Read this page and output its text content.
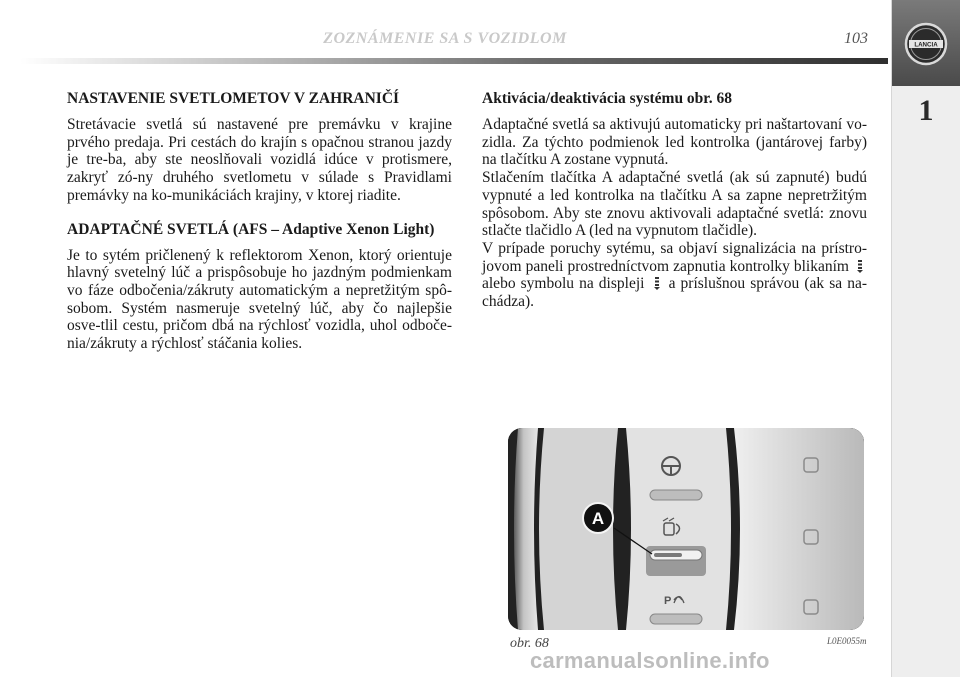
ZOZNÁMENIE SA S VOZIDLOM	103	LANCIA
1
NASTAVENIE SVETLOMETOV V ZAHRANIČÍ

Stretávacie svetlá sú nastavené pre premávku v krajine prvého predaja. Pri cestách do krajín s opačnou stranou jazdy je tre-ba, aby ste neoslňovali vozidlá idúce v protismere, zakryť zó-ny druhého svetlometu v súlade s Pravidlami premávky na ko-munikáciách krajiny, v ktorej riadite.

ADAPTAČNÉ SVETLÁ (AFS – Adaptive Xenon Light)

Je to sytém pričlenený k reflektorom Xenon, ktorý orientuje hlavný svetelný lúč a prispôsobuje ho jazdným podmienkam vo fáze odbočenia/zákruty automatickým a nepretžitým spô-sobom. Systém nasmeruje svetelný lúč, aby čo najlepšie osve-tlil cestu, pričom dbá na rýchlosť vozidla, uhol odboče-nia/zákruty a rýchlosť stáčania kolies.

Aktivácia/deaktivácia systému obr. 68

Adaptačné svetlá sa aktivujú automaticky pri naštartovaní vo-zidla. Za týchto podmienok led kontrolka (jantárovej farby) na tlačítku A zostane vypnutá.

Stlačením tlačítka A adaptačné svetlá (ak sú zapnuté) budú vypnuté a led kontrolka na tlačítku A sa zapne nepretržitým spôsobom. Aby ste znovu aktivovali adaptačné svetlá: znovu stlačte tlačidlo A (led na vypnutom tlačidle).

V prípade poruchy sytému, sa objaví signalizácia na prístro-jovom paneli prostredníctvom zapnutia kontrolky blikaním  alebo symbolu na displeji a príslušnou správou (ak sa na-chádza).

P
A
obr. 68	L0E0055m
carmanualsonline.info
